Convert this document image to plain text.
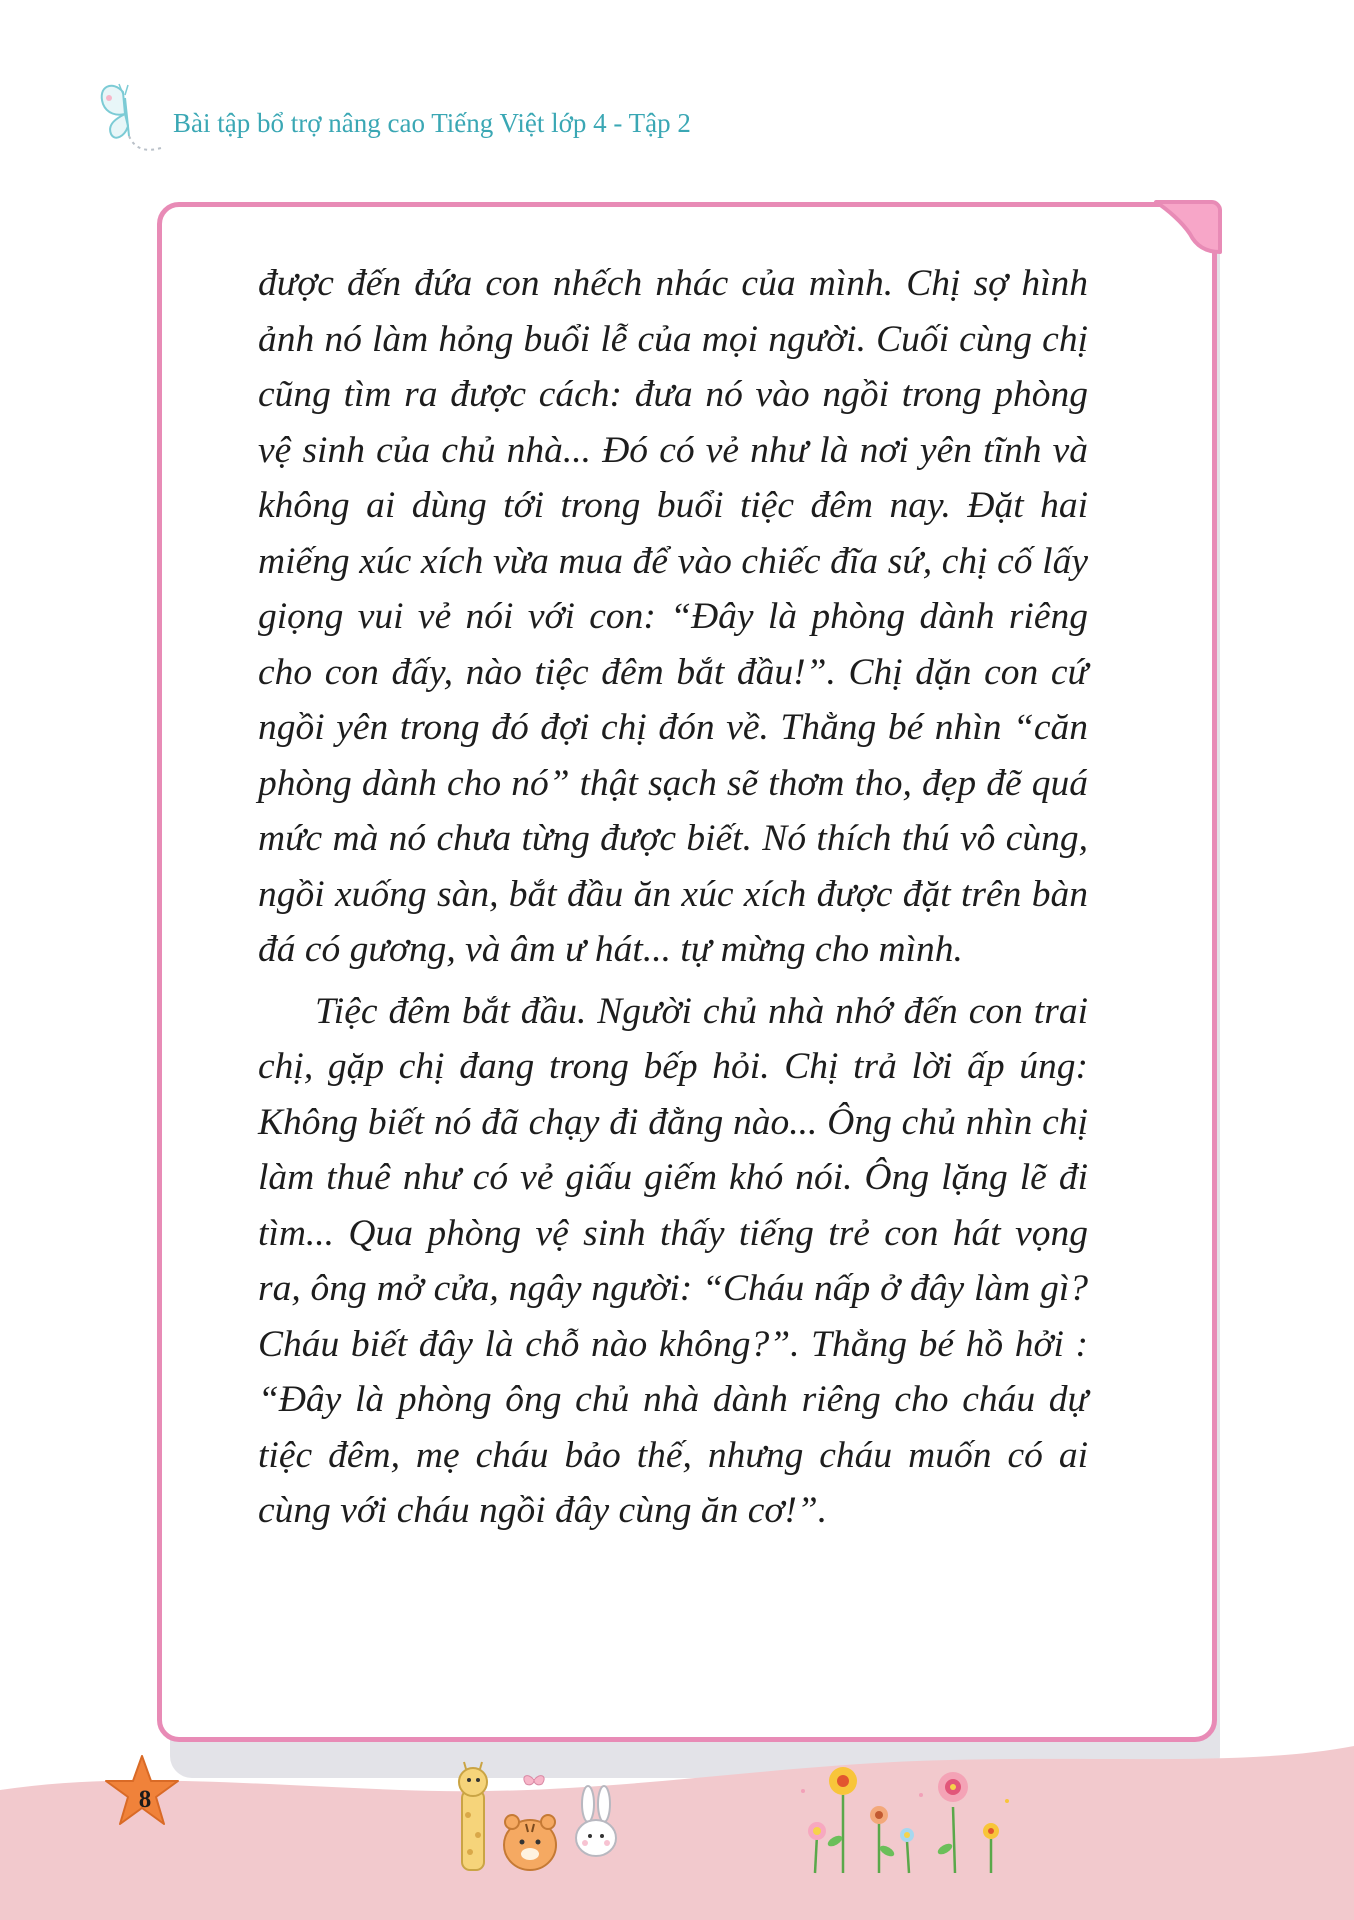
Bài tập bổ trợ nâng cao Tiếng Việt lớp 4 - Tập 2

được đến đứa con nhếch nhác của mình. Chị sợ hình ảnh nó làm hỏng buổi lễ của mọi người. Cuối cùng chị cũng tìm ra được cách: đưa nó vào ngồi trong phòng vệ sinh của chủ nhà... Đó có vẻ như là nơi yên tĩnh và không ai dùng tới trong buổi tiệc đêm nay. Đặt hai miếng xúc xích vừa mua để vào chiếc đĩa sứ, chị cố lấy giọng vui vẻ nói với con: “Đây là phòng dành riêng cho con đấy, nào tiệc đêm bắt đầu!”. Chị dặn con cứ ngồi yên trong đó đợi chị đón về. Thằng bé nhìn “căn phòng dành cho nó” thật sạch sẽ thơm tho, đẹp đẽ quá mức mà nó chưa từng được biết. Nó thích thú vô cùng, ngồi xuống sàn, bắt đầu ăn xúc xích được đặt trên bàn đá có gương, và âm ư hát... tự mừng cho mình.

Tiệc đêm bắt đầu. Người chủ nhà nhớ đến con trai chị, gặp chị đang trong bếp hỏi. Chị trả lời ấp úng: Không biết nó đã chạy đi đằng nào... Ông chủ nhìn chị làm thuê như có vẻ giấu giếm khó nói. Ông lặng lẽ đi tìm... Qua phòng vệ sinh thấy tiếng trẻ con hát vọng ra, ông mở cửa, ngây người: “Cháu nấp ở đây làm gì? Cháu biết đây là chỗ nào không?”. Thằng bé hồ hởi : “Đây là phòng ông chủ nhà dành riêng cho cháu dự tiệc đêm, mẹ cháu bảo thế, nhưng cháu muốn có ai cùng với cháu ngồi đây cùng ăn cơ!”.

8
